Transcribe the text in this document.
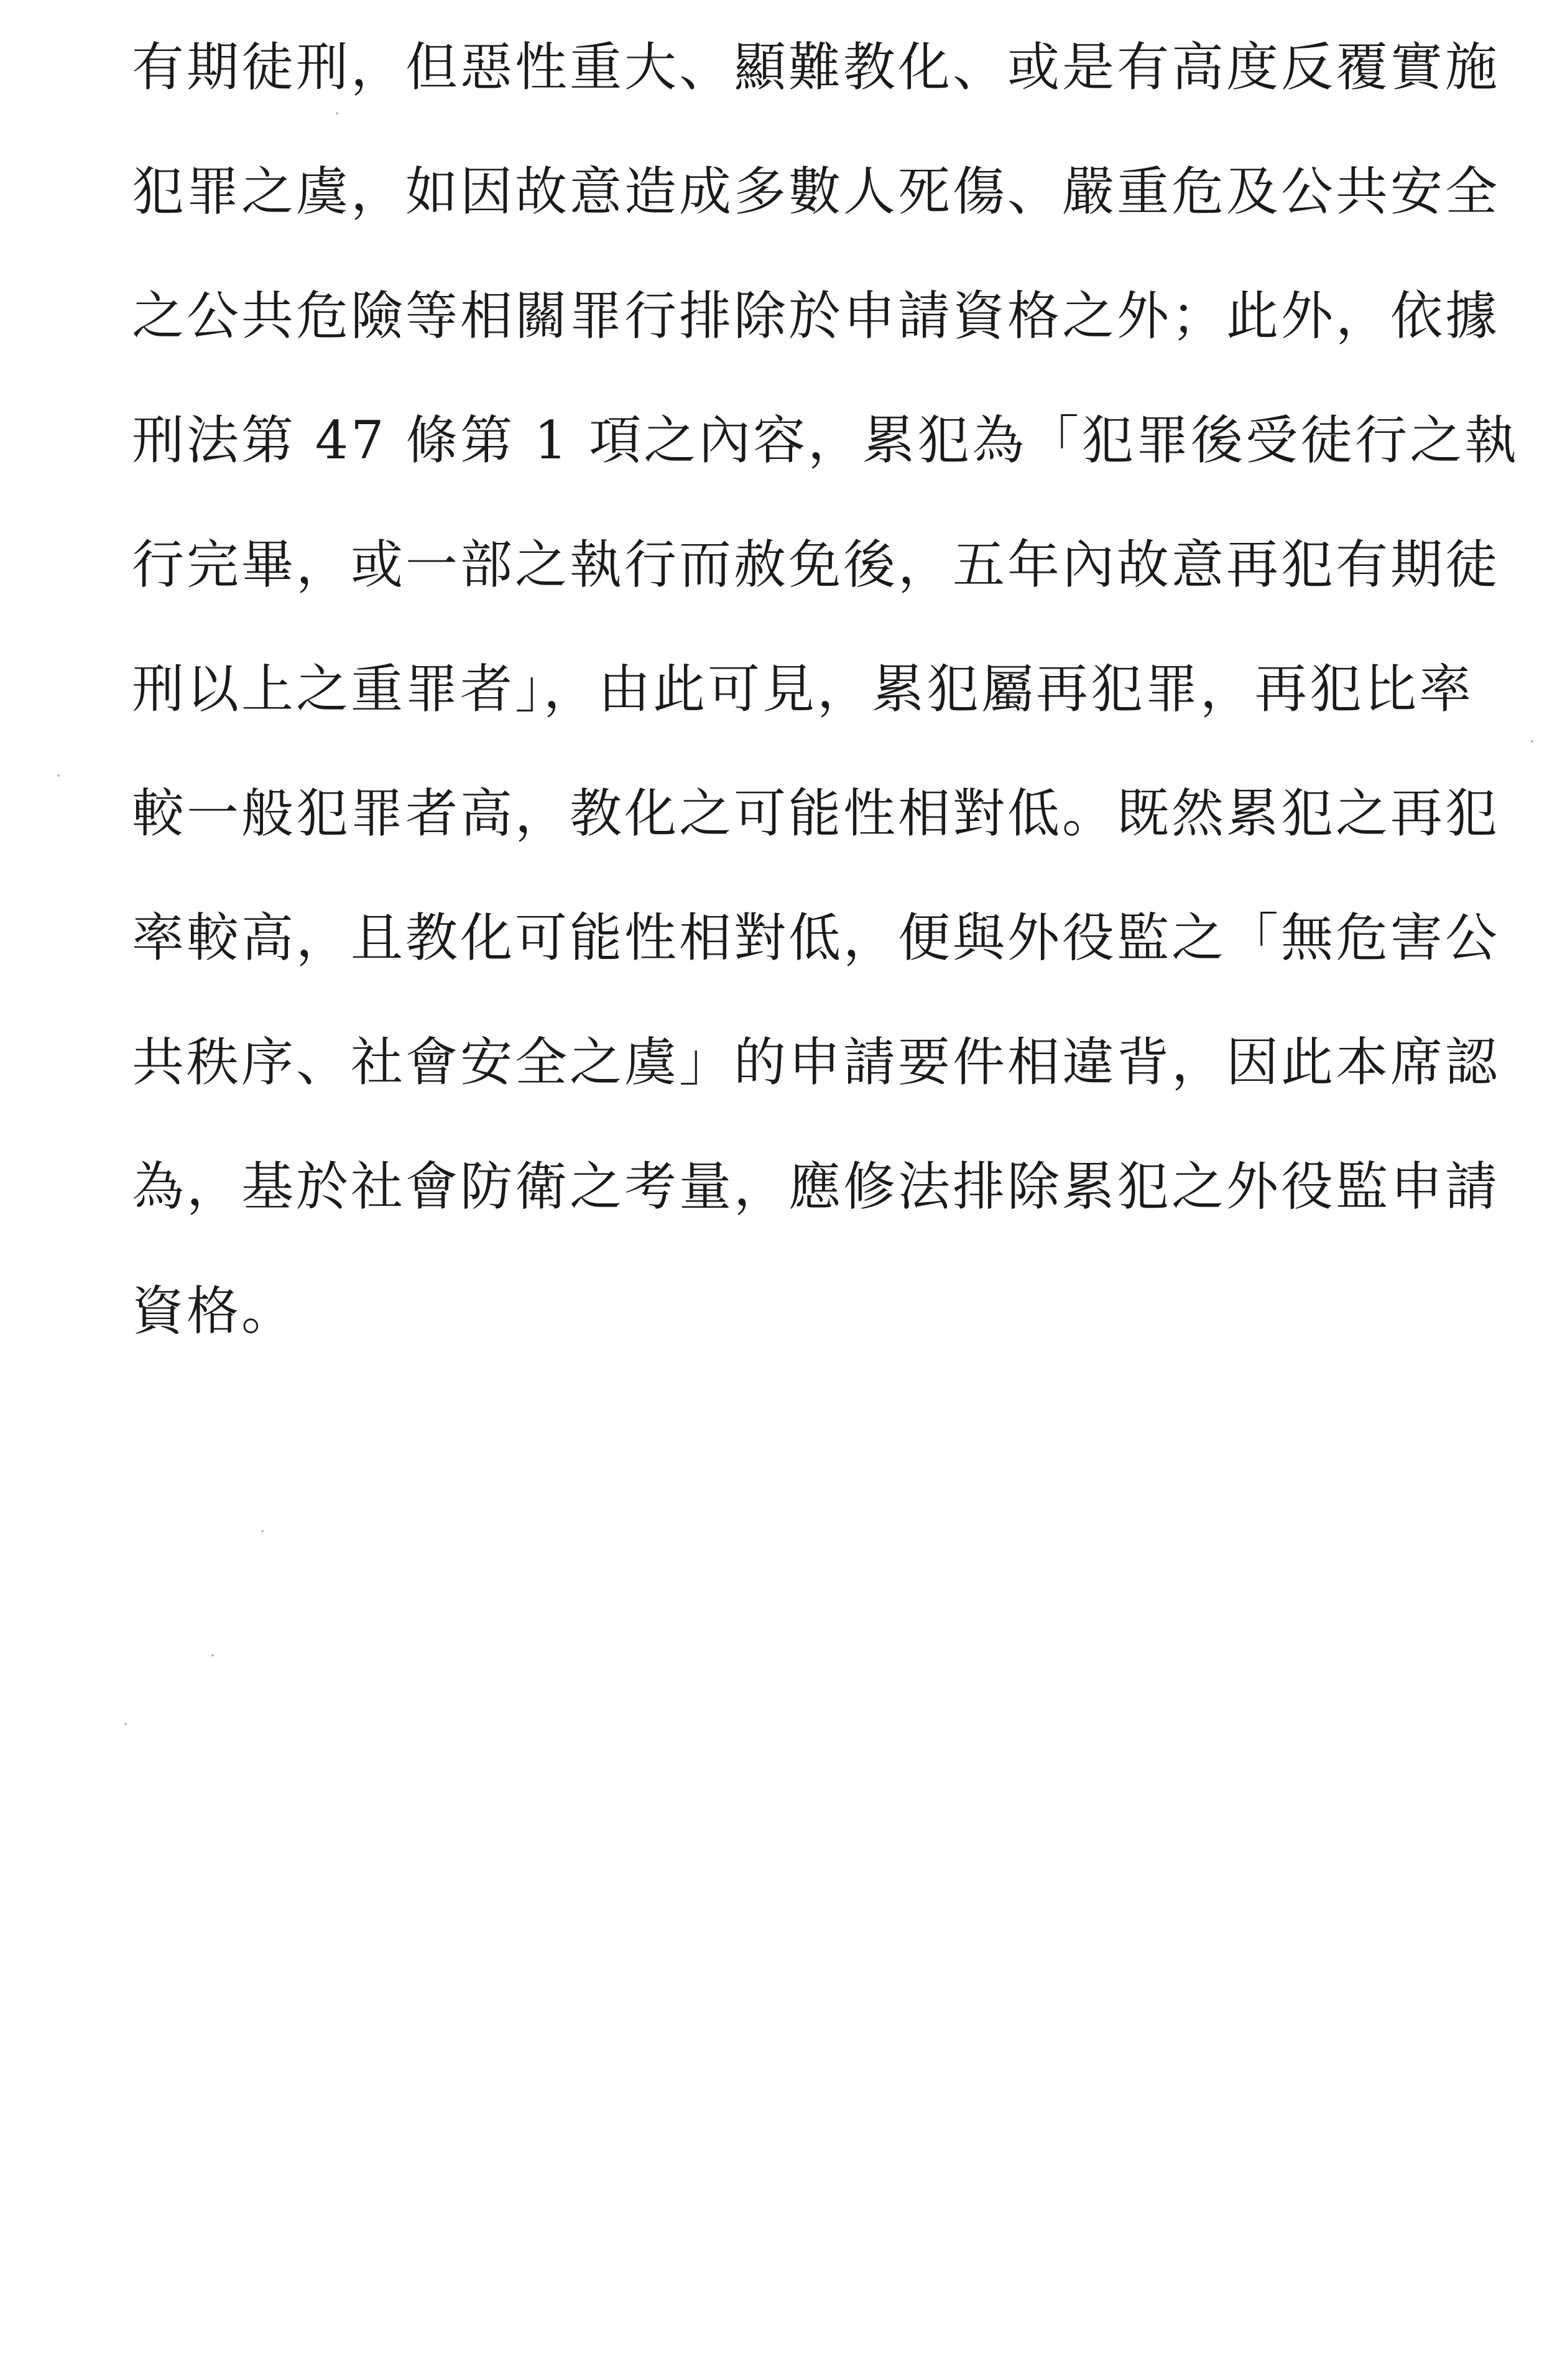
有期徒刑，但惡性重大、顯難教化、或是有高度反覆實施
犯罪之虞，如因故意造成多數人死傷、嚴重危及公共安全
之公共危險等相關罪行排除於申請資格之外；此外，依據
刑法第 47 條第 1 項之內容，累犯為「犯罪後受徒行之執
行完畢，或一部之執行而赦免後，五年內故意再犯有期徒
刑以上之重罪者」，由此可見，累犯屬再犯罪，再犯比率
較一般犯罪者高，教化之可能性相對低。既然累犯之再犯
率較高，且教化可能性相對低，便與外役監之「無危害公
共秩序、社會安全之虞」的申請要件相違背，因此本席認
為，基於社會防衛之考量，應修法排除累犯之外役監申請
資格。
